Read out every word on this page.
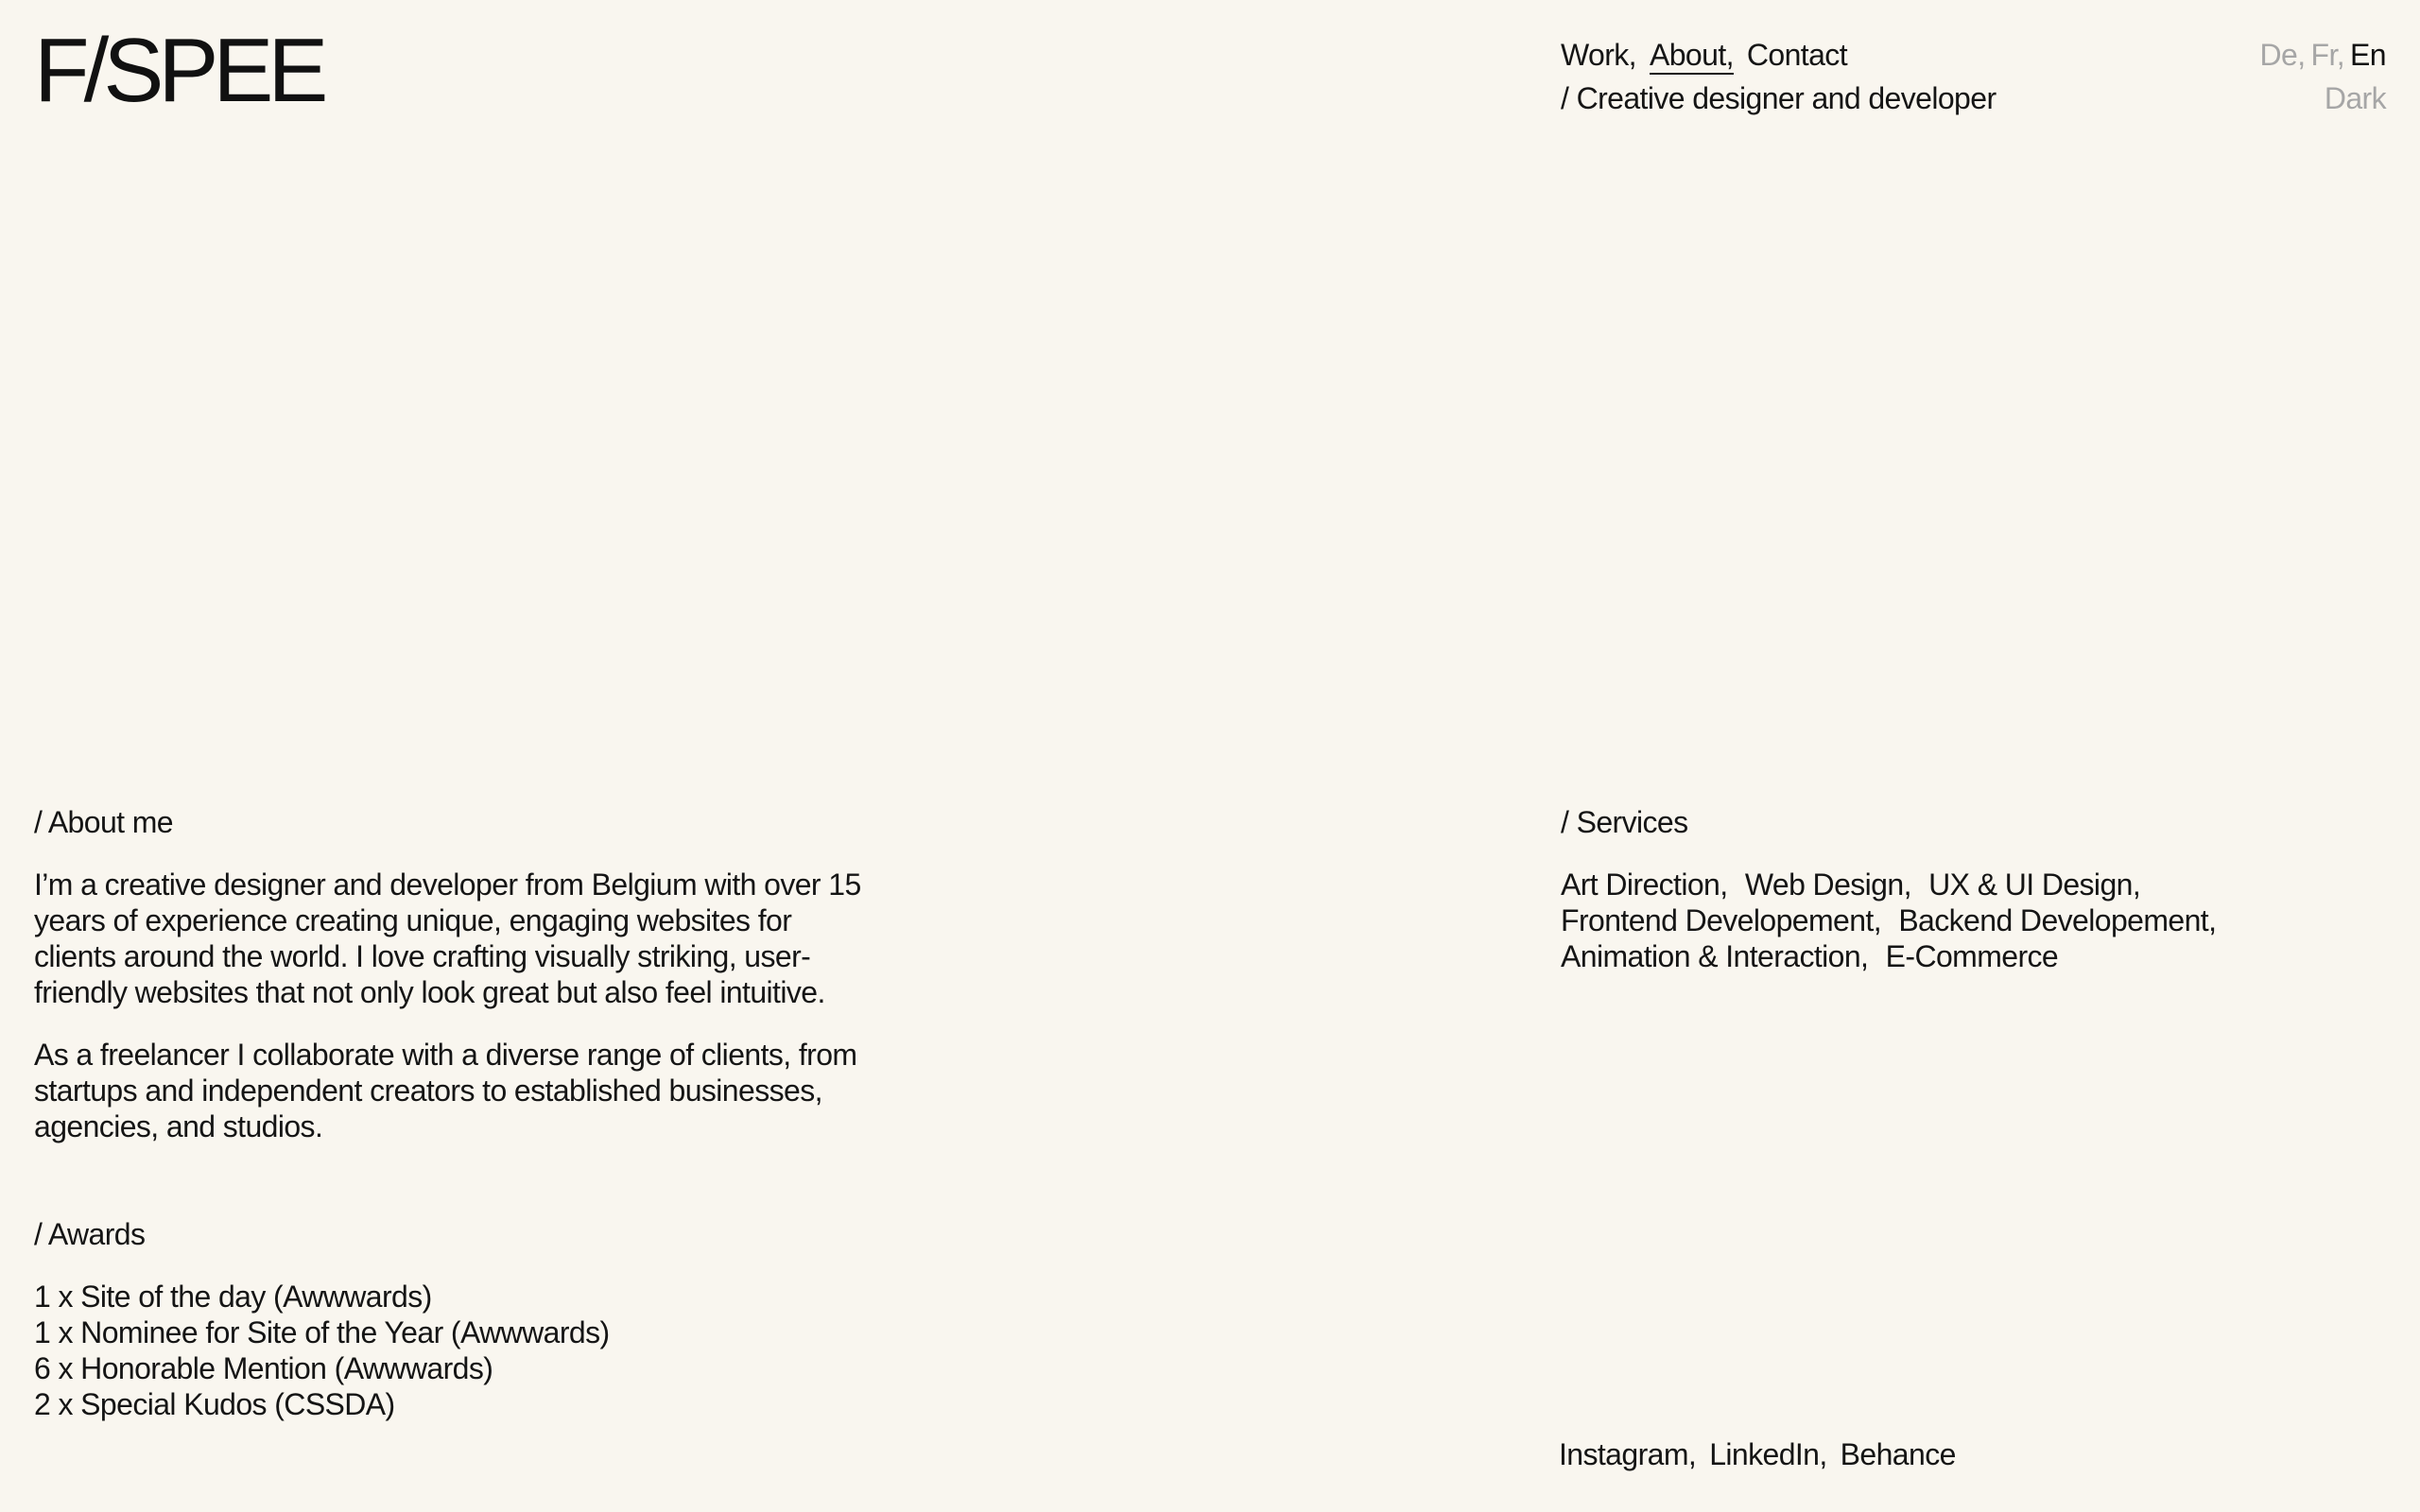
F/SPEE	Work, About, Contact
/ Creative designer and developer
De, Fr, En
Dark
/ About me

I’m a creative designer and developer from Belgium with over 15 years of experience creating unique, engaging websites for clients around the world. I love crafting visually striking, user-friendly websites that not only look great but also feel intuitive.

As a freelancer I collaborate with a diverse range of clients, from startups and independent creators to established businesses, agencies, and studios.

/ Awards
1 x Site of the day (Awwwards)
1 x Nominee for Site of the Year (Awwwards)
6 x Honorable Mention (Awwwards)
2 x Special Kudos (CSSDA)
/ Services
Art Direction, Web Design, UX & UI Design,
Frontend Developement, Backend Developement,
Animation & Interaction, E-Commerce
Instagram, LinkedIn, Behance
